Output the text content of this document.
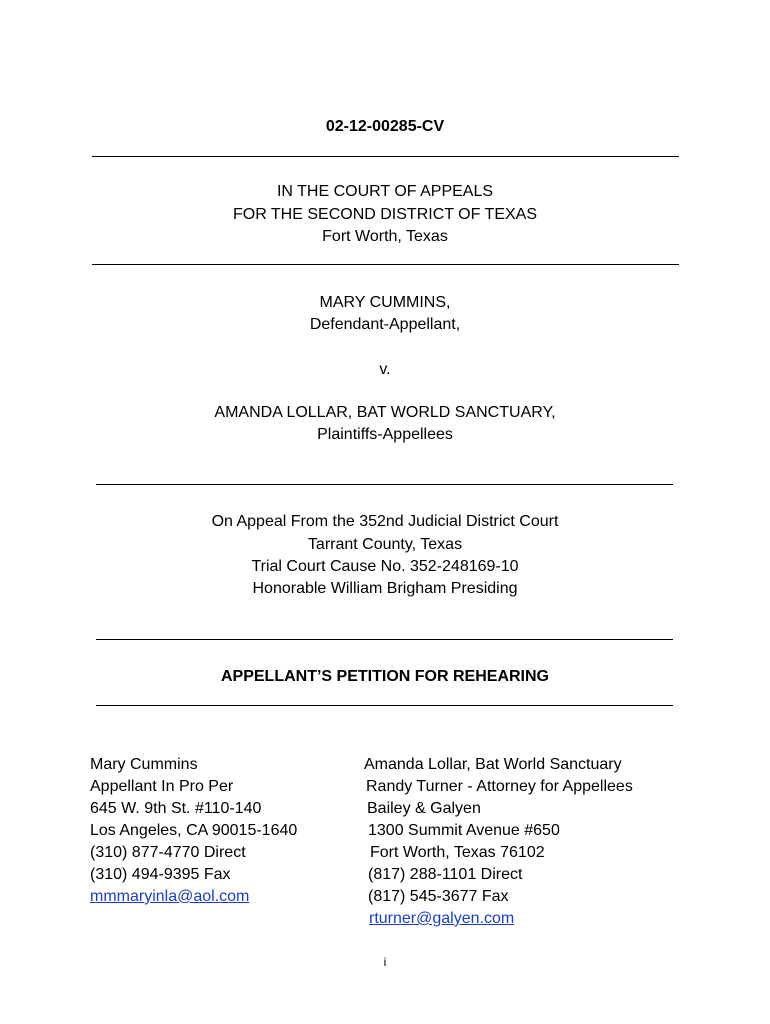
02-12-00285-CV
IN THE COURT OF APPEALS
FOR THE SECOND DISTRICT OF TEXAS
Fort Worth, Texas
MARY CUMMINS,
Defendant-Appellant,
v.
AMANDA LOLLAR, BAT WORLD SANCTUARY,
Plaintiffs-Appellees
On Appeal From the 352nd Judicial District Court
Tarrant County, Texas
Trial Court Cause No. 352-248169-10
Honorable William Brigham Presiding
APPELLANT’S PETITION FOR REHEARING
Mary Cummins
Appellant In Pro Per
645 W. 9th St. #110-140
Los Angeles, CA 90015-1640
(310) 877-4770 Direct
(310) 494-9395 Fax
mmmaryinla@aol.com
Amanda Lollar, Bat World Sanctuary
Randy Turner - Attorney for Appellees
Bailey & Galyen
1300 Summit Avenue #650
Fort Worth, Texas 76102
(817) 288-1101 Direct
(817) 545-3677 Fax
rturner@galyen.com
i
